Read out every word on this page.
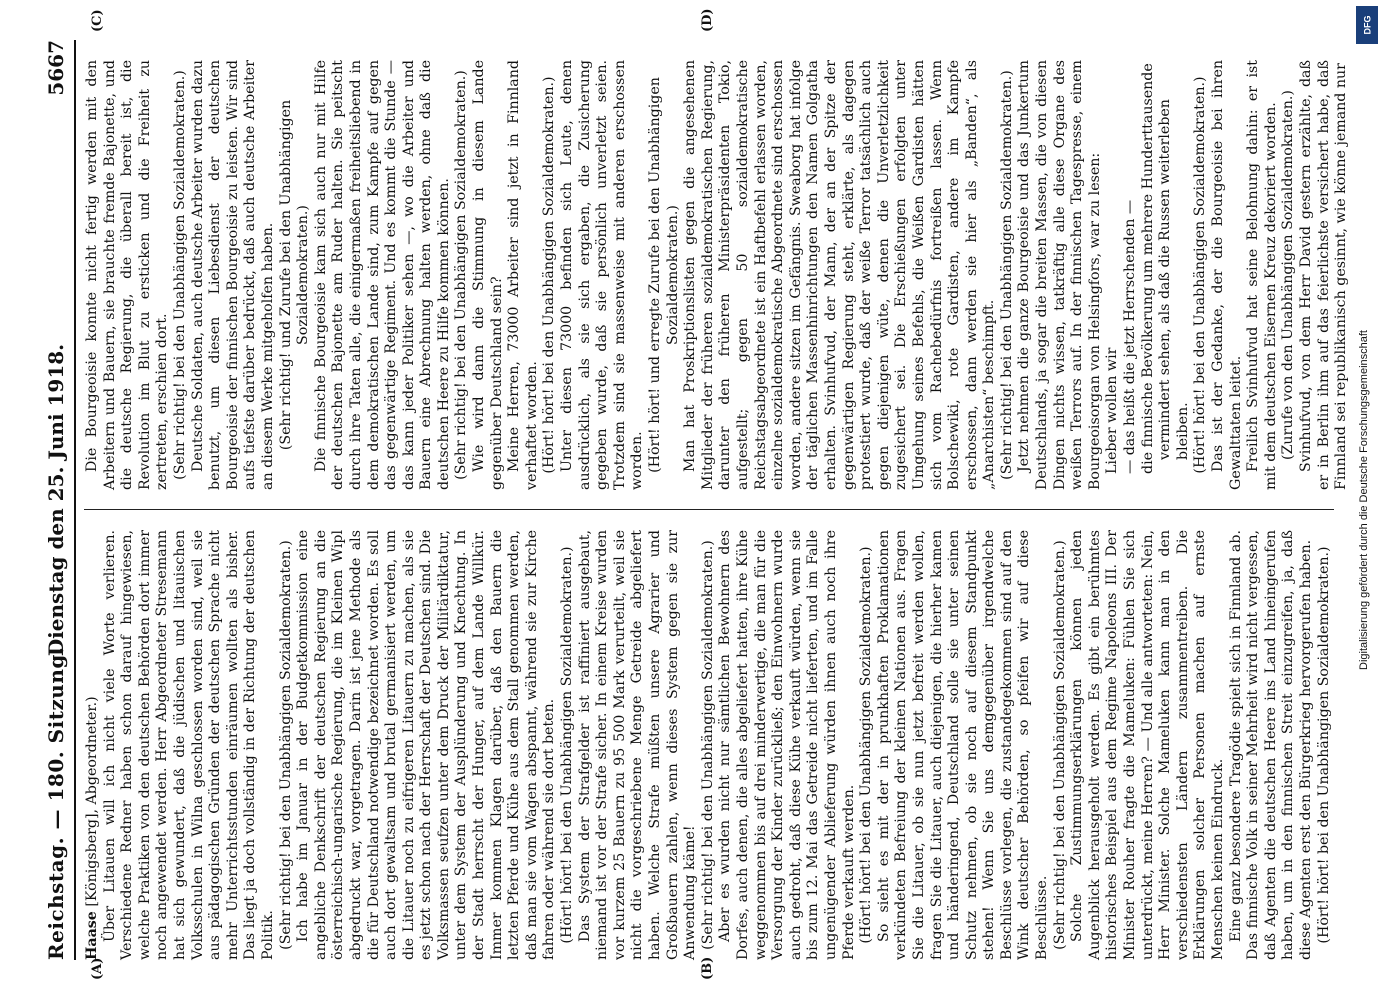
Reichstag. — 180. Sitzung.
Dienstag den 25. Juni 1918.
5667
(A)	(B)
(C)	(D)

Haase [Königsberg], Abgeordneter.) Über Litauen will ich nicht viele Worte verlieren. Verschiedene Redner haben schon darauf hingewiesen, welche Praktiken von den deutschen Behörden dort immer noch angewendet werden. Herr Abgeordneter Stresemann hat sich gewundert, daß die jüdischen und litauischen Volksschulen in Wilna geschlossen worden sind, weil sie aus pädagogischen Gründen der deutschen Sprache nicht mehr Unterrichtsstunden einräumen wollten als bisher. Das liegt ja doch vollständig in der Richtung der deutschen Politik. (Sehr richtig! bei den Unabhängigen Sozialdemokraten.) Ich habe im Januar in der Budgetkommission eine angebliche Denkschrift der deutschen Regierung an die österreichisch-ungarische Regierung, die im Kleinen Wipl abgedruckt war, vorgetragen. Darin ist jene Methode als die für Deutschland notwendige bezeichnet worden. Es soll auch dort gewaltsam und brutal germanisiert werden, um die Litauer noch zu eifrigeren Litauern zu machen, als sie es jetzt schon nach der Herrschaft der Deutschen sind. Die Volksmassen seufzen unter dem Druck der Militärdiktatur, unter dem System der Ausplünderung und Knechtung. In der Stadt herrscht der Hunger, auf dem Lande Willkür. Immer kommen Klagen darüber, daß den Bauern die letzten Pferde und Kühe aus dem Stall genommen werden, daß man sie vom Wagen abspannt, während sie zur Kirche fahren oder während sie dort beten. (Hört! hört! bei den Unabhängigen Sozialdemokraten.) Das System der Strafgelder ist raffiniert ausgebaut, niemand ist vor der Strafe sicher. In einem Kreise wurden vor kurzem 25 Bauern zu 95 500 Mark verurteilt, weil sie nicht die vorgeschriebene Menge Getreide abgeliefert haben. Welche Strafe müßten unsere Agrarier und Großbauern zahlen, wenn dieses System gegen sie zur Anwendung käme! (Sehr richtig! bei den Unabhängigen Sozialdemokraten.) Aber es wurden nicht nur sämtlichen Bewohnern des Dorfes, auch denen, die alles abgeliefert hatten, ihre Kühe weggenommen bis auf drei minderwertige, die man für die Versorgung der Kinder zurückließ; den Einwohnern wurde auch gedroht, daß diese Kühe verkauft würden, wenn sie bis zum 12. Mai das Getreide nicht lieferten, und im Falle ungenügender Ablieferung würden ihnen auch noch ihre Pferde verkauft werden. (Hört! hört! bei den Unabhängigen Sozialdemokraten.) So sieht es mit der in prunkhaften Proklamationen verkündeten Befreiung der kleinen Nationen aus. Fragen Sie die Litauer, ob sie nun jetzt befreit werden wollen, fragen Sie die Litauer, auch diejenigen, die hierher kamen und händeringend, Deutschland solle sie unter seinen Schutz nehmen, ob sie noch auf diesem Standpunkt stehen! Wenn Sie uns demgegenüber irgendwelche Beschlüsse vorlegen, die zustandegekommen sind auf den Wink deutscher Behörden, so pfeifen wir auf diese Beschlüsse. (Sehr richtig! bei den Unabhängigen Sozialdemokraten.) Solche Zustimmungserklärungen können jeden Augenblick herausgeholt werden. Es gibt ein berühmtes historisches Beispiel aus dem Regime Napoleons III. Der Minister Rouher fragte die Mameluken: Fühlen Sie sich unterdrückt, meine Herren? — Und alle antworteten: Nein, Herr Minister. Solche Mameluken kann man in den verschiedensten Ländern zusammentreiben. Die Erklärungen solcher Personen machen auf ernste Menschen keinen Eindruck. Eine ganz besondere Tragödie spielt sich in Finnland ab. Das finnische Volk in seiner Mehrheit wird nicht vergessen, daß Agenten die deutschen Heere ins Land hineingerufen haben, um in den finnischen Streit einzugreifen, ja, daß diese Agenten erst den Bürgerkrieg hervorgerufen haben. (Hört! hört! bei den Unabhängigen Sozialdemokraten.)

Die Bourgeoisie konnte nicht fertig werden mit den Arbeitern und Bauern, sie brauchte fremde Bajonette, und die deutsche Regierung, die überall bereit ist, die Revolution im Blut zu ersticken und die Freiheit zu zertreten, erschien dort. (Sehr richtig! bei den Unabhängigen Sozialdemokraten.) Deutsche Soldaten, auch deutsche Arbeiter wurden dazu benutzt, um diesen Liebesdienst der deutschen Bourgeoisie der finnischen Bourgeoisie zu leisten. Wir sind aufs tiefste darüber bedrückt, daß auch deutsche Arbeiter an diesem Werke mitgeholfen haben. (Sehr richtig! und Zurufe bei den Unabhängigen Sozialdemokraten.) Die finnische Bourgeoisie kam sich auch nur mit Hilfe der deutschen Bajonette am Ruder halten. Sie peitscht durch ihre Taten alle, die einigermaßen freiheitsliebend in dem demokratischen Lande sind, zum Kampfe auf gegen das gegenwärtige Regiment. Und es kommt die Stunde — das kann jeder Politiker sehen —, wo die Arbeiter und Bauern eine Abrechnung halten werden, ohne daß die deutschen Heere zu Hilfe kommen können. (Sehr richtig! bei den Unabhängigen Sozialdemokraten.) Wie wird dann die Stimmung in diesem Lande gegenüber Deutschland sein? Meine Herren, 73000 Arbeiter sind jetzt in Finnland verhaftet worden. (Hört! hört! bei den Unabhängigen Sozialdemokraten.) Unter diesen 73000 befinden sich Leute, denen ausdrücklich, als sie sich ergaben, die Zusicherung gegeben wurde, daß sie persönlich unverletzt seien. Trotzdem sind sie massenweise mit anderen erschossen worden. (Hört! hört! und erregte Zurufe bei den Unabhängigen Sozialdemokraten.) Man hat Proskriptionslisten gegen die angesehenen Mitglieder der früheren sozialdemokratischen Regierung, darunter den früheren Ministerpräsidenten Tokio, aufgestellt; gegen 50 sozialdemokratische Reichstagsabgeordnete ist ein Haftbefehl erlassen worden, einzelne sozialdemokratische Abgeordnete sind erschossen worden, andere sitzen im Gefängnis. Sweaborg hat infolge der täglichen Massenhinrichtungen den Namen Golgatha erhalten. Svinhufvud, der Mann, der an der Spitze der gegenwärtigen Regierung steht, erklärte, als dagegen protestiert wurde, daß der weiße Terror tatsächlich auch gegen diejenigen wüte, denen die Unverletzlichkeit zugesichert sei. Die Erschießungen erfolgten unter Umgehung seines Befehls, die Weißen Gardisten hätten sich vom Rachebedürfnis fortreißen lassen. Wenn Bolschewiki, rote Gardisten, andere im Kampfe erschossen, dann werden sie hier als „Banden“, als „Anarchisten“ beschimpft. (Sehr richtig! bei den Unabhängigen Sozialdemokraten.) Jetzt nehmen die ganze Bourgeoisie und das Junkertum Deutschlands, ja sogar die breiten Massen, die von diesen Dingen nichts wissen, tatkräftig alle diese Organe des weißen Terrors auf. In der finnischen Tagespresse, einem Bourgeoisorgan von Helsingfors, war zu lesen: Lieber wollen wir — das heißt die jetzt Herrschenden — die finnische Bevölkerung um mehrere Hunderttausende vermindert sehen, als daß die Russen weiterleben bleiben. (Hört! hört! bei den Unabhängigen Sozialdemokraten.) Das ist der Gedanke, der die Bourgeoisie bei ihren Gewalttaten leitet. Freilich Svinhufvud hat seine Belohnung dahin: er ist mit dem deutschen Eisernen Kreuz dekoriert worden. (Zurufe von den Unabhängigen Sozialdemokraten.) Svinhufvud, von dem Herr David gestern erzählte, daß er in Berlin ihm auf das feierlichste versichert habe, daß Finnland sei republikanisch gesinnt, wie könne jemand nur

DFG
Digitalisierung gefördert durch die Deutsche Forschungsgemeinschaft
